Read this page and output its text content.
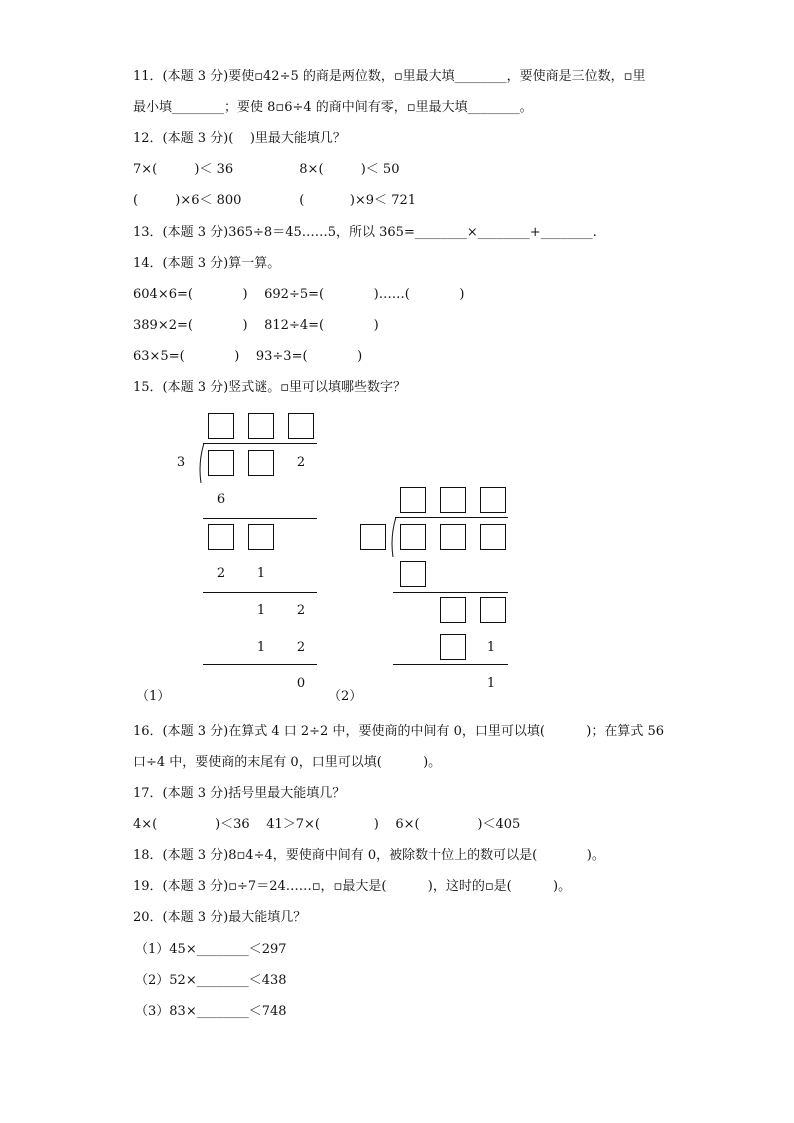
11．(本题 3 分)要使▫42÷5 的商是两位数，▫里最大填________，要使商是三位数，▫里
最小填________；要使 8▫6÷4 的商中间有零，▫里最大填________。
12．(本题 3 分)(    )里最大能填几？
7×(         )＜ 36                8×(         )＜ 50
(         )×6＜ 800              (           )×9＜ 721
13．(本题 3 分)365÷8＝45……5，所以 365=________×________+________.
14．(本题 3 分)算一算。
604×6=(            )    692÷5=(            )……(            )
389×2=(            )    812÷4=(            )
63×5=(            )    93÷3=(            )
15．(本题 3 分)竖式谜。▫里可以填哪些数字？
3	2
6
2 1
1 2
1 2
0
（1）
1
1
（2）
16．(本题 3 分)在算式 4 口 2÷2 中，要使商的中间有 0，口里可以填(          )；在算式 56
口÷4 中，要使商的末尾有 0，口里可以填(          )。
17．(本题 3 分)括号里最大能填几？
4×(              )＜36    41＞7×(             )    6×(              )＜405
18．(本题 3 分)8▫4÷4，要使商中间有 0，被除数十位上的数可以是(            )。
19．(本题 3 分)▫÷7＝24……▫，▫最大是(          )，这时的▫是(          )。
20．(本题 3 分)最大能填几？
（1）45×________＜297
（2）52×________＜438
（3）83×________＜748
